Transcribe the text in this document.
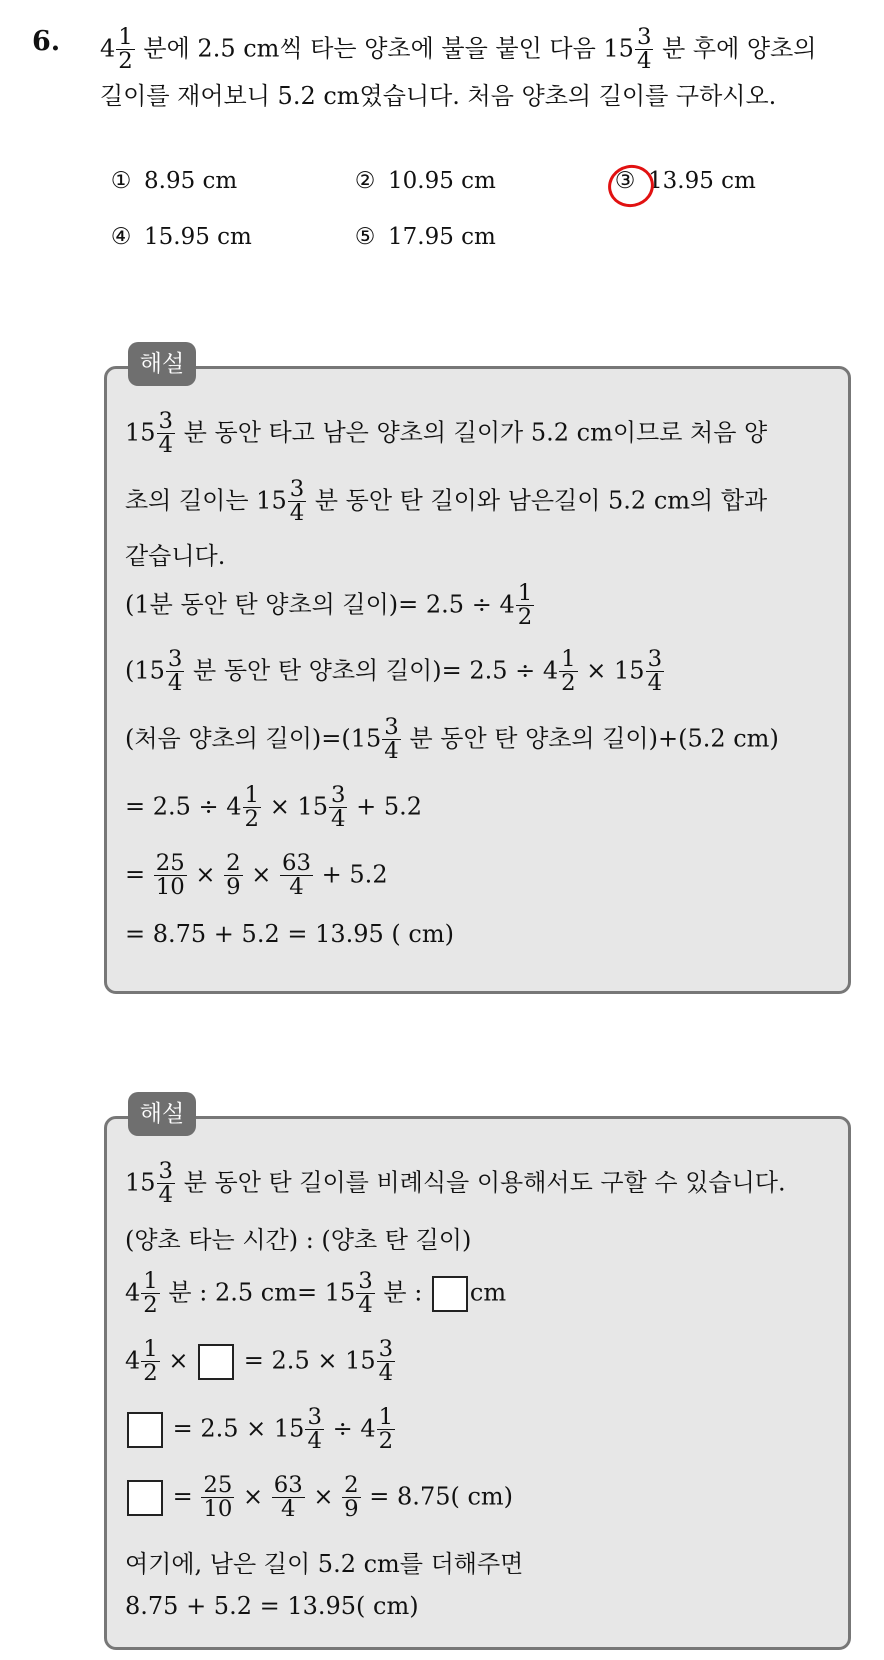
6. $4 \frac{1}{2}$ 분에 2.5 cm씩 타는 양초에 불을 붙인 다음 $15 \frac{3}{4}$ 분 후에 양초의
길이를 재어보니 5.2 cm였습니다. 처음 양초의 길이를 구하시오.
① 8.95 cm	② 10.95 cm	③ 13.95 cm
④ 15.95 cm	⑤ 17.95 cm
해설
$15 \frac{3}{4}$ 분 동안 타고 남은 양초의 길이가 5.2 cm이므로 처음 양
초의 길이는 $15 \frac{3}{4}$ 분 동안 탄 길이와 남은길이 5.2 cm의 합과
같습니다.
(1분 동안 탄 양초의 길이)= $2.5 \div 4 \frac{1}{2}$
($15 \frac{3}{4}$ 분 동안 탄 양초의 길이)= $2.5 \div 4 \frac{1}{2} \times 15 \frac{3}{4}$
(처음 양초의 길이)$=(15 \frac{3}{4}$ 분 동안 탄 양초의 길이)+(5.2 cm)
= $2.5 \div 4 \frac{1}{2} \times 15 \frac{3}{4} + 5.2$
= $\frac{25}{10} \times \frac{2}{9} \times \frac{63}{4} + 5.2$
= 8.75 + 5.2 = 13.95 ( cm)
해설
$15 \frac{3}{4}$ 분 동안 탄 길이를 비례식을 이용해서도 구할 수 있습니다.
(양초 타는 시간) : (양초 탄 길이)
$4 \frac{1}{2}$ 분 : 2.5 $cm= 15 \frac{3}{4}$ 분 : cm
$4 \frac{1}{2}$ ×  = $2.5 \times 15 \frac{3}{4}$
= $2.5 \times 15 \frac{3}{4} \div 4 \frac{1}{2}$
= $\frac{25}{10} \times \frac{63}{4} \times \frac{2}{9} = 8.75$( cm)
여기에, 남은 길이 5.2 cm를 더해주면
8.75 + 5.2 = 13.95( cm)
